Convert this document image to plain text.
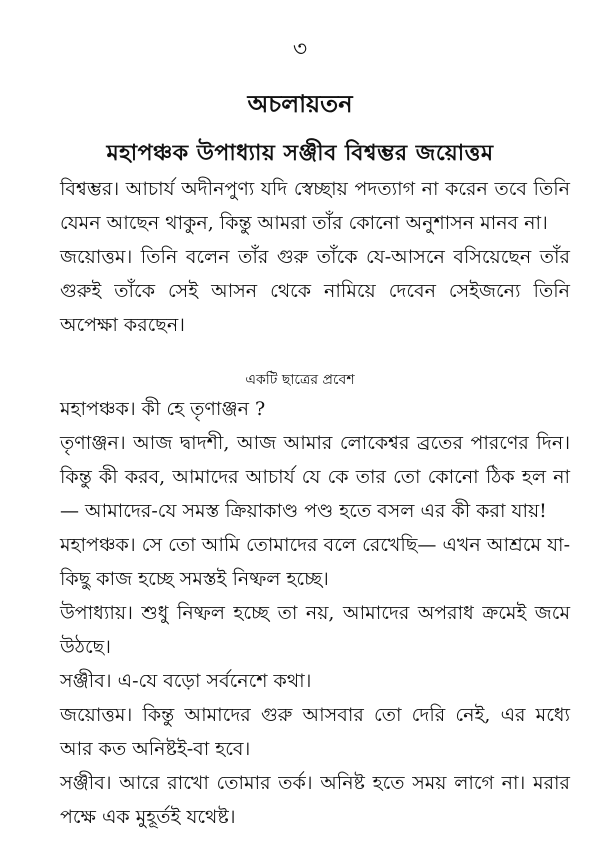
৩
অচলায়তন
মহাপঞ্চক উপাধ্যায় সঞ্জীব বিশ্বম্ভর জয়োত্তম

বিশ্বম্ভর। আচার্য অদীনপুণ্য যদি স্বেচ্ছায় পদত্যাগ না করেন তবে তিনি যেমন আছেন থাকুন, কিন্তু আমরা তাঁর কোনো অনুশাসন মানব না।

জয়োত্তম। তিনি বলেন তাঁর গুরু তাঁকে যে-আসনে বসিয়েছেন তাঁর গুরুই তাঁকে সেই আসন থেকে নামিয়ে দেবেন সেইজন্যে তিনি অপেক্ষা করছেন।

একটি ছাত্রের প্রবেশ

মহাপঞ্চক। কী হে তৃণাঞ্জন ?

তৃণাঞ্জন। আজ দ্বাদশী, আজ আমার লোকেশ্বর ব্রতের পারণের দিন। কিন্তু কী করব, আমাদের আচার্য যে কে তার তো কোনো ঠিক হল না— আমাদের-যে সমস্ত ক্রিয়াকাণ্ড পণ্ড হতে বসল এর কী করা যায়!

মহাপঞ্চক। সে তো আমি তোমাদের বলে রেখেছি— এখন আশ্রমে যা-কিছু কাজ হচ্ছে সমস্তই নিষ্ফল হচ্ছে।

উপাধ্যায়। শুধু নিষ্ফল হচ্ছে তা নয়, আমাদের অপরাধ ক্রমেই জমে উঠছে।

সঞ্জীব। এ-যে বড়ো সর্বনেশে কথা।

জয়োত্তম। কিন্তু আমাদের গুরু আসবার তো দেরি নেই, এর মধ্যে আর কত অনিষ্টই-বা হবে।

সঞ্জীব। আরে রাখো তোমার তর্ক। অনিষ্ট হতে সময় লাগে না। মরার পক্ষে এক মুহূর্তই যথেষ্ট।
